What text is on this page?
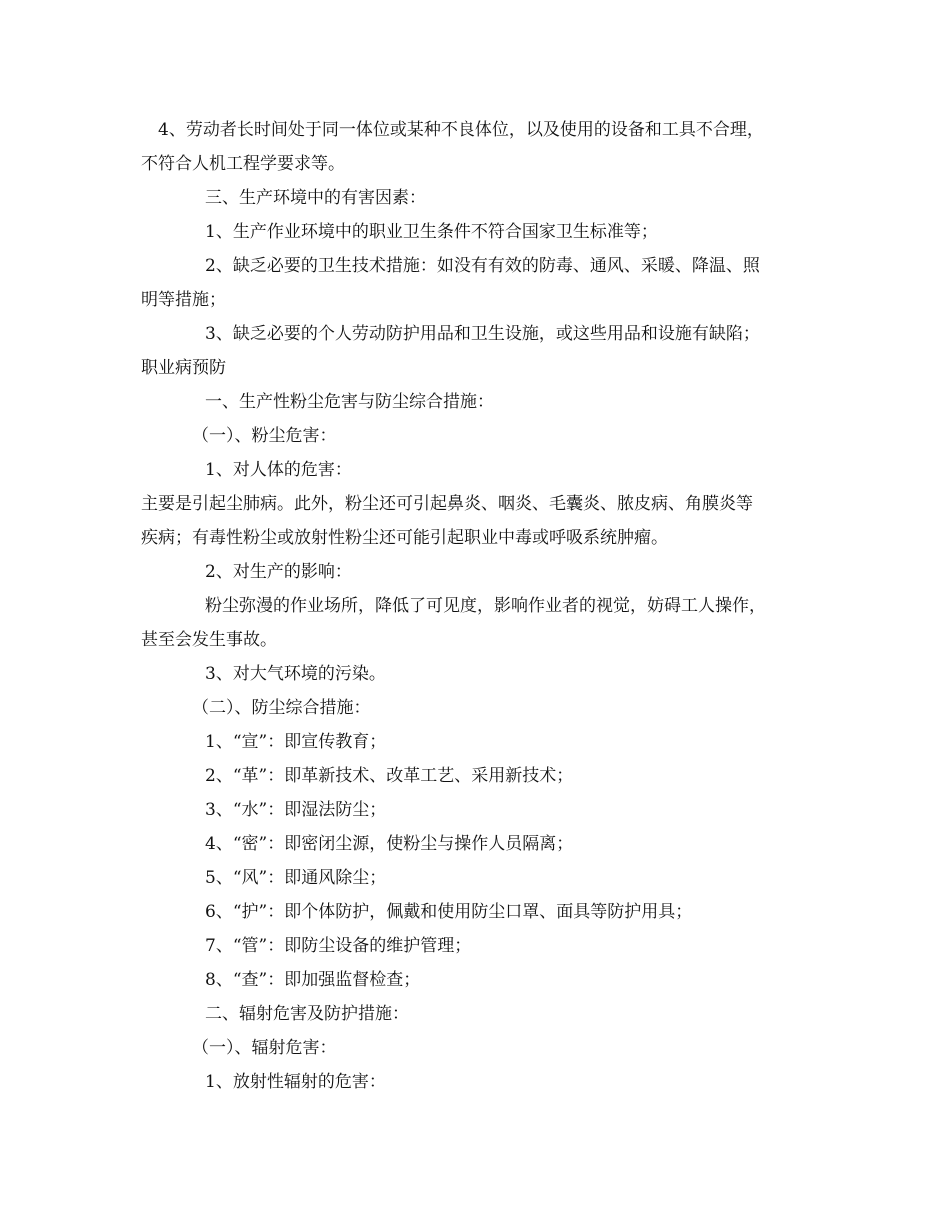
4、劳动者长时间处于同一体位或某种不良体位，以及使用的设备和工具不合理，
不符合人机工程学要求等。
三、生产环境中的有害因素：
1、生产作业环境中的职业卫生条件不符合国家卫生标准等；
2、缺乏必要的卫生技术措施：如没有有效的防毒、通风、采暖、降温、照
明等措施；
3、缺乏必要的个人劳动防护用品和卫生设施，或这些用品和设施有缺陷；
职业病预防
一、生产性粉尘危害与防尘综合措施：
（一）、粉尘危害：
1、对人体的危害：
主要是引起尘肺病。此外，粉尘还可引起鼻炎、咽炎、毛囊炎、脓皮病、角膜炎等
疾病；有毒性粉尘或放射性粉尘还可能引起职业中毒或呼吸系统肿瘤。
2、对生产的影响：
粉尘弥漫的作业场所，降低了可见度，影响作业者的视觉，妨碍工人操作，
甚至会发生事故。
3、对大气环境的污染。
（二）、防尘综合措施：
1、“宣”：即宣传教育；
2、“革”：即革新技术、改革工艺、采用新技术；
3、“水”：即湿法防尘；
4、“密”：即密闭尘源，使粉尘与操作人员隔离；
5、“风”：即通风除尘；
6、“护”：即个体防护，佩戴和使用防尘口罩、面具等防护用具；
7、“管”：即防尘设备的维护管理；
8、“查”：即加强监督检查；
二、辐射危害及防护措施：
（一）、辐射危害：
1、放射性辐射的危害：
